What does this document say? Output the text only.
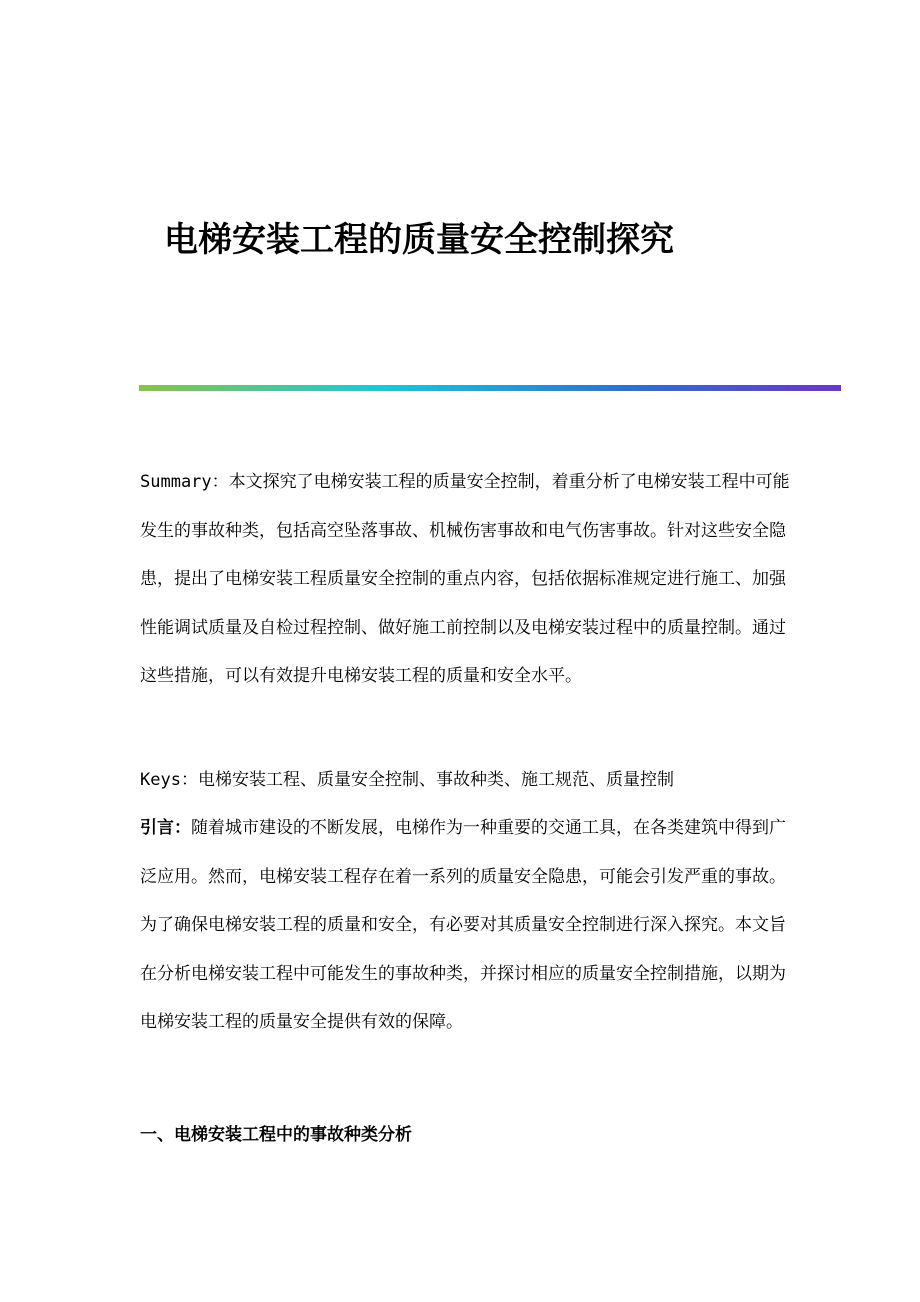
电梯安装工程的质量安全控制探究
Summary：本文探究了电梯安装工程的质量安全控制，着重分析了电梯安装工程中可能发生的事故种类，包括高空坠落事故、机械伤害事故和电气伤害事故。针对这些安全隐患，提出了电梯安装工程质量安全控制的重点内容，包括依据标准规定进行施工、加强性能调试质量及自检过程控制、做好施工前控制以及电梯安装过程中的质量控制。通过这些措施，可以有效提升电梯安装工程的质量和安全水平。
Keys：电梯安装工程、质量安全控制、事故种类、施工规范、质量控制
引言：随着城市建设的不断发展，电梯作为一种重要的交通工具，在各类建筑中得到广泛应用。然而，电梯安装工程存在着一系列的质量安全隐患，可能会引发严重的事故。为了确保电梯安装工程的质量和安全，有必要对其质量安全控制进行深入探究。本文旨在分析电梯安装工程中可能发生的事故种类，并探讨相应的质量安全控制措施，以期为电梯安装工程的质量安全提供有效的保障。
一、电梯安装工程中的事故种类分析
